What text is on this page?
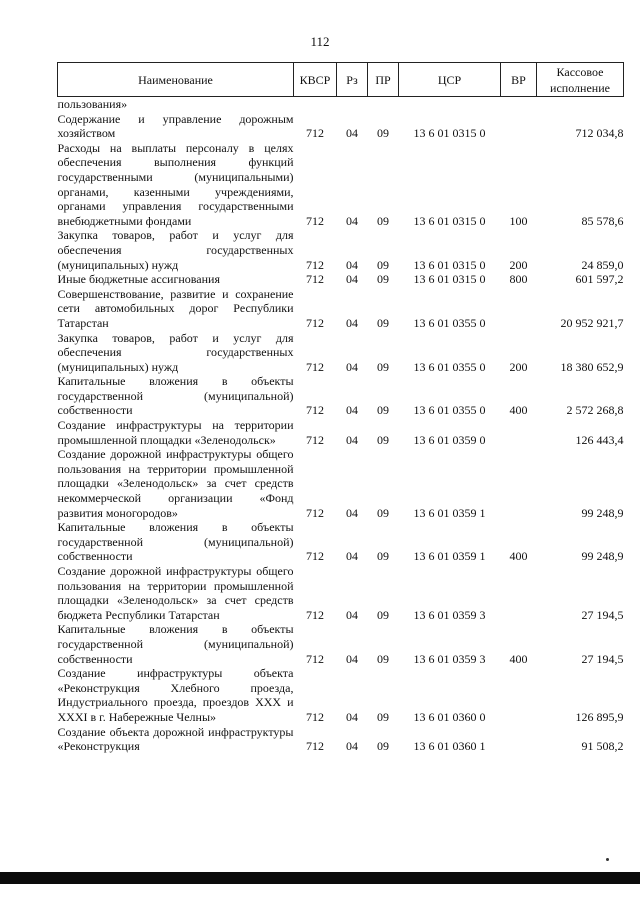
112
Наименование	КВСР	Рз	ПР	ЦСР	ВР	Кассовое исполнение
пользования»						
Содержание и управление дорожным хозяйством	712	04	09	13 6 01 0315 0		712 034,8
Расходы на выплаты персоналу в целях обеспечения выполнения функций государственными (муниципальными) органами, казенными учреждениями, органами управления государственными внебюджетными фондами	712	04	09	13 6 01 0315 0	100	85 578,6
Закупка товаров, работ и услуг для обеспечения государственных (муниципальных) нужд	712	04	09	13 6 01 0315 0	200	24 859,0
Иные бюджетные ассигнования	712	04	09	13 6 01 0315 0	800	601 597,2
Совершенствование, развитие и сохранение сети автомобильных дорог Республики Татарстан	712	04	09	13 6 01 0355 0		20 952 921,7
Закупка товаров, работ и услуг для обеспечения государственных (муниципальных) нужд	712	04	09	13 6 01 0355 0	200	18 380 652,9
Капитальные вложения в объекты государственной (муниципальной) собственности	712	04	09	13 6 01 0355 0	400	2 572 268,8
Создание инфраструктуры на территории промышленной площадки «Зеленодольск»	712	04	09	13 6 01 0359 0		126 443,4
Создание дорожной инфраструктуры общего пользования на территории промышленной площадки «Зеленодольск» за счет средств некоммерческой организации «Фонд развития моногородов»	712	04	09	13 6 01 0359 1		99 248,9
Капитальные вложения в объекты государственной (муниципальной) собственности	712	04	09	13 6 01 0359 1	400	99 248,9
Создание дорожной инфраструктуры общего пользования на территории промышленной площадки «Зеленодольск» за счет средств бюджета Республики Татарстан	712	04	09	13 6 01 0359 3		27 194,5
Капитальные вложения в объекты государственной (муниципальной) собственности	712	04	09	13 6 01 0359 3	400	27 194,5
Создание инфраструктуры объекта «Реконструкция Хлебного проезда, Индустриального проезда, проездов XXX и XXXI в г. Набережные Челны»	712	04	09	13 6 01 0360 0		126 895,9
Создание объекта дорожной инфраструктуры «Реконструкция	712	04	09	13 6 01 0360 1		91 508,2
